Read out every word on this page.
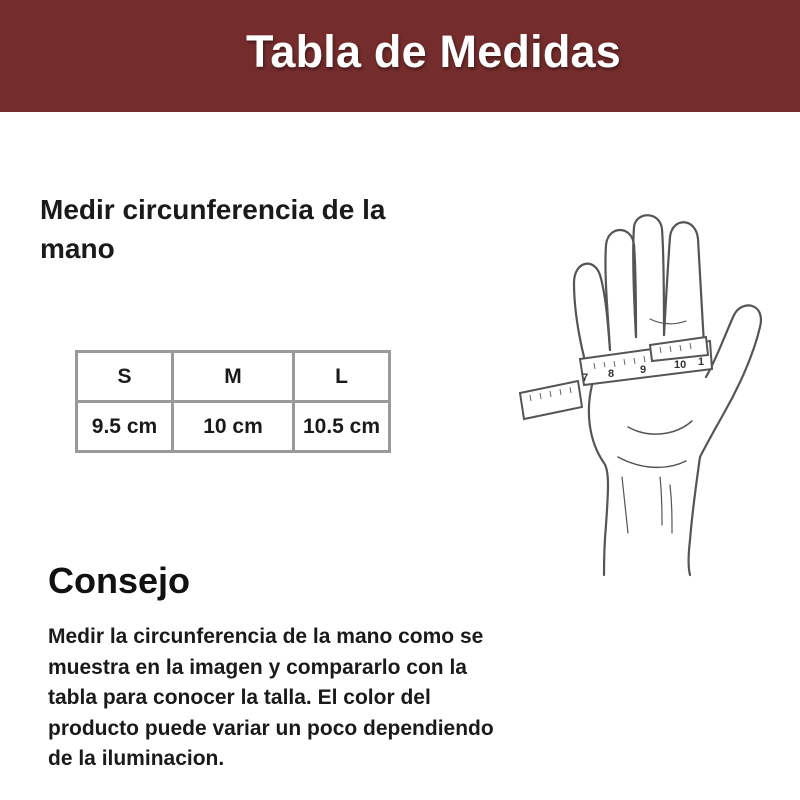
Tabla de Medidas
Medir circunferencia de la mano
S	M	L
9.5 cm	10 cm	10.5 cm
Consejo
Medir la circunferencia de la mano como se muestra en la imagen y compararlo con la tabla para conocer la talla. El color del producto puede variar un poco dependiendo de la iluminacion.
7 8 9	10 1
